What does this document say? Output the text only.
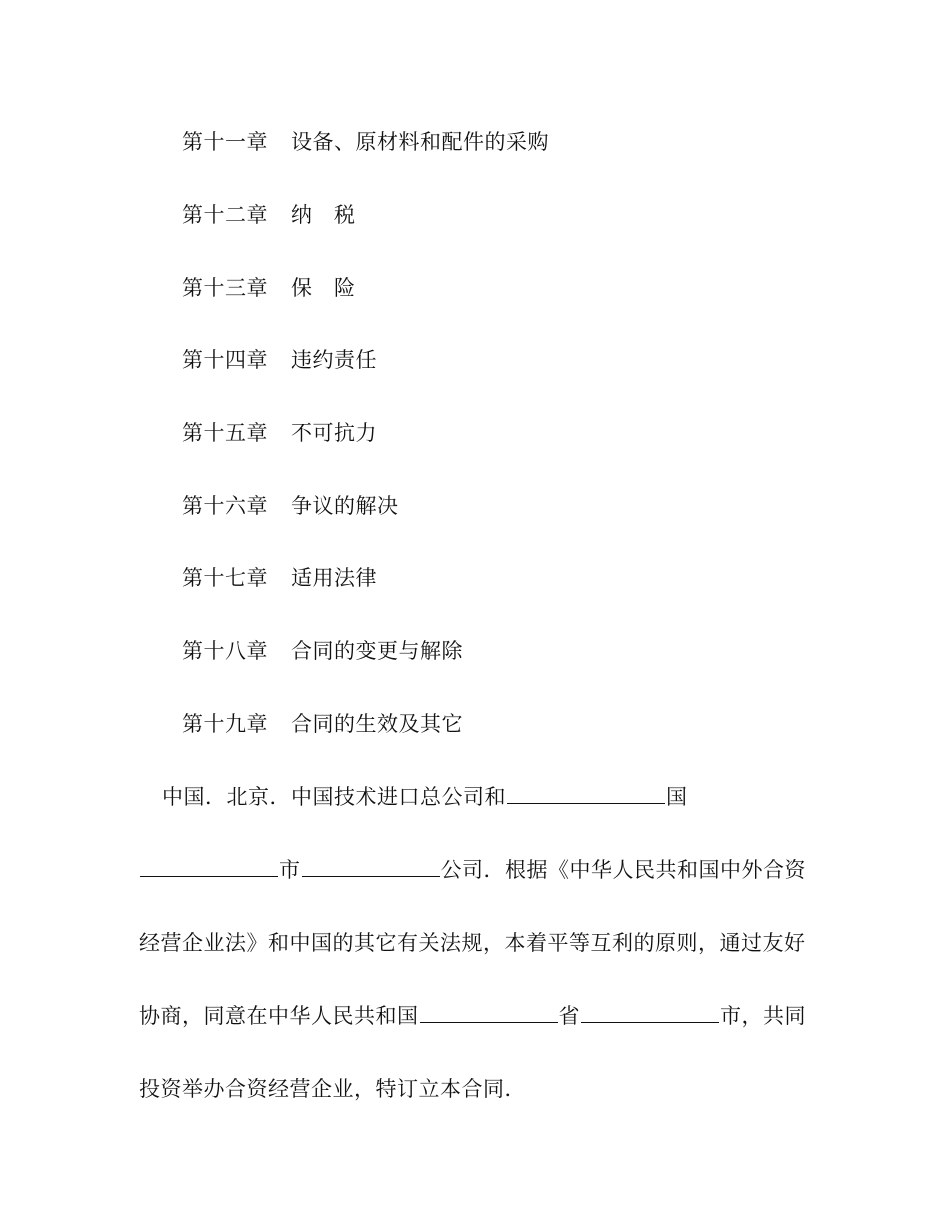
第十一章 设备、原材料和配件的采购
第十二章 纳　税
第十三章 保　险
第十四章 违约责任
第十五章 不可抗力
第十六章 争议的解决
第十七章 适用法律
第十八章 合同的变更与解除
第十九章 合同的生效及其它
中国．北京．中国技术进口总公司和	国
市	公司．根据《中华人民共和国中外合资
经营企业法》和中国的其它有关法规，本着平等互利的原则，通过友好
协商，同意在中华人民共和国	省	市，共同
投资举办合资经营企业，特订立本合同．
